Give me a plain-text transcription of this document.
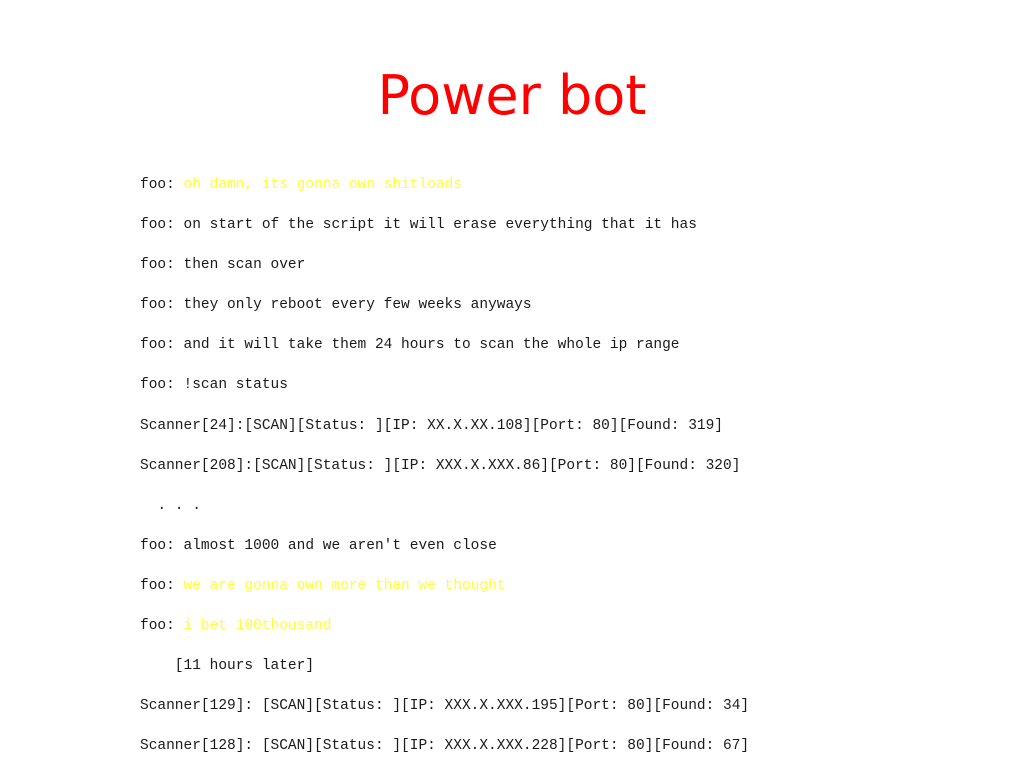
Power bot
foo: oh damn, its gonna own shitloads
foo: on start of the script it will erase everything that it has
foo: then scan over
foo: they only reboot every few weeks anyways
foo: and it will take them 24 hours to scan the whole ip range
foo: !scan status
Scanner[24]:[SCAN][Status: ][IP: XX.X.XX.108][Port: 80][Found: 319]
Scanner[208]:[SCAN][Status: ][IP: XXX.X.XXX.86][Port: 80][Found: 320]
. . .
foo: almost 1000 and we aren't even close
foo: we are gonna own more than we thought
foo: i bet 100thousand
[11 hours later]
Scanner[129]: [SCAN][Status: ][IP: XXX.X.XXX.195][Port: 80][Found: 34]
Scanner[128]: [SCAN][Status: ][IP: XXX.X.XXX.228][Port: 80][Found: 67]
